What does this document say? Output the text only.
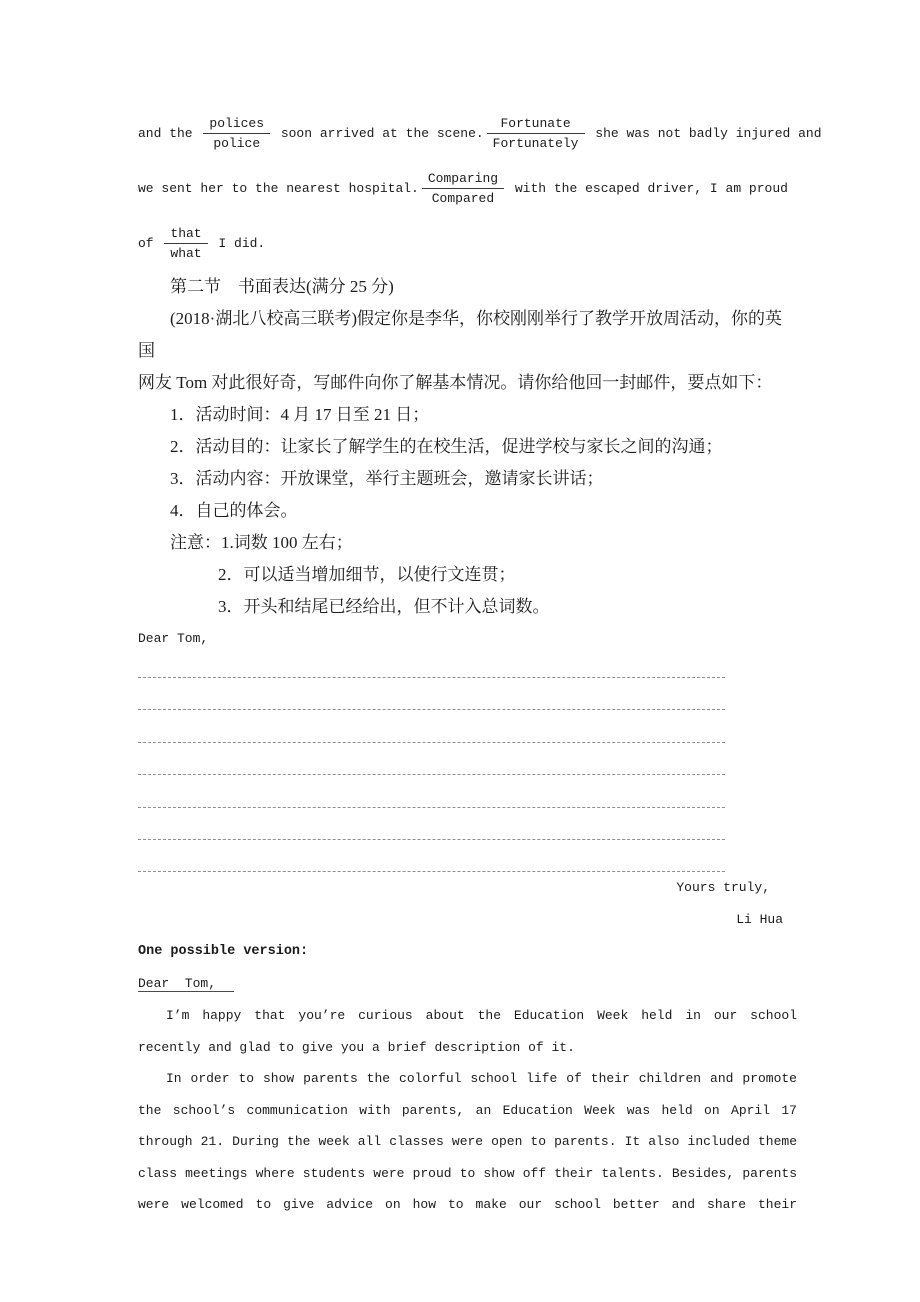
and the $\frac{\text{polices}}{\text{police}}$ soon arrived at the scene. $\frac{\text{Fortunate}}{\text{Fortunately}}$ she was not badly injured and
we sent her to the nearest hospital. $\frac{\text{Comparing}}{\text{Compared}}$ with the escaped driver, I am proud
of $\frac{\text{that}}{\text{what}}$ I did.
第二节　书面表达(满分 25 分)
(2018·湖北八校高三联考)假定你是李华，你校刚刚举行了教学开放周活动，你的英国
网友 Tom 对此很好奇，写邮件向你了解基本情况。请你给他回一封邮件，要点如下：
1．活动时间：4 月 17 日至 21 日；
2．活动目的：让家长了解学生的在校生活，促进学校与家长之间的沟通；
3．活动内容：开放课堂，举行主题班会，邀请家长讲话；
4．自己的体会。
注意：1.词数 100 左右；
2．可以适当增加细节，以使行文连贯；
3．开头和结尾已经给出，但不计入总词数。
Dear Tom,
Yours truly,
Li Hua
One possible version:
Dear  Tom,
I’m happy that you’re curious about the Education Week held in our school
recently and glad to give you a brief description of it.
In order to show parents the colorful school life of their children and promote
the school’s communication with parents, an Education Week was held on April 17
through 21. During the week all classes were open to parents. It also included theme
class meetings where students were proud to show off their talents. Besides, parents
were welcomed to give advice on how to make our school better and share their
